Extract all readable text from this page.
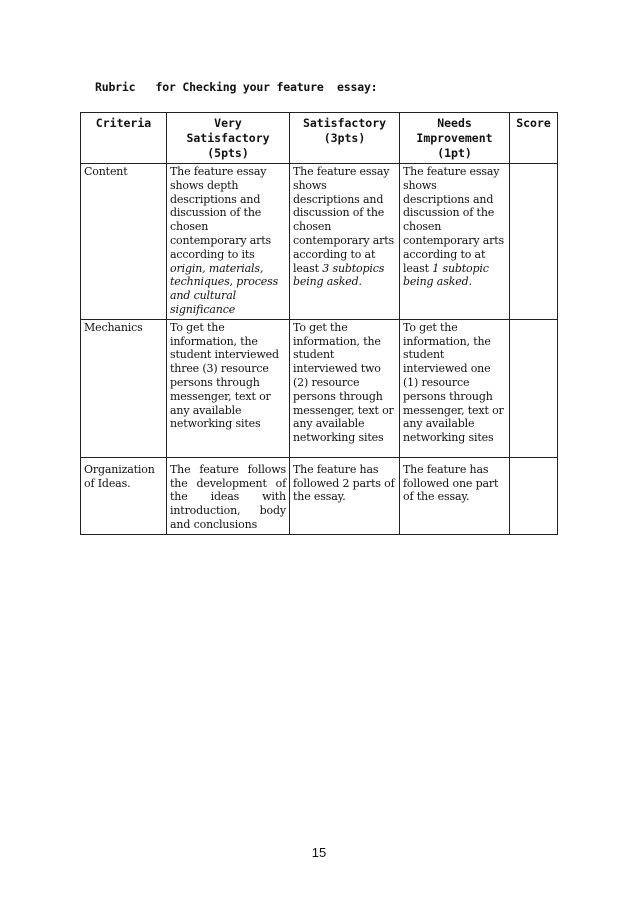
Rubric   for Checking your feature  essay:
Criteria	Very Satisfactory (5pts)	Satisfactory (3pts)	Needs Improvement (1pt)	Score
Content	The feature essay shows depth descriptions and discussion of the chosen contemporary arts according to its origin, materials, techniques, process and cultural significance	The feature essay shows descriptions and discussion of the chosen contemporary arts according to at least 3 subtopics being asked.	The feature essay shows descriptions and discussion of the chosen contemporary arts according to at least 1 subtopic being asked.	
Mechanics	To get the information, the student interviewed three (3) resource persons through messenger, text or any available networking sites	To get the information, the student interviewed two (2) resource persons through messenger, text or any available networking sites	To get the information, the student interviewed one (1) resource persons through messenger, text or any available networking sites	
Organization of Ideas.	The feature follows the development of the ideas with introduction, body and conclusions	The feature has followed 2 parts of the essay.	The feature has followed one part of the essay.	
15
